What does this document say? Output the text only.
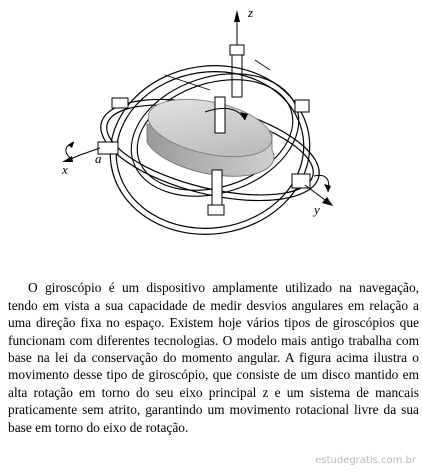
z
x
a
y

O giroscópio é um dispositivo amplamente utilizado na navegação, tendo em vista a sua capacidade de medir desvios angulares em relação a uma direção fixa no espaço. Existem hoje vários tipos de giroscópios que funcionam com diferentes tecnologias. O modelo mais antigo trabalha com base na lei da conservação do momento angular. A figura acima ilustra o movimento desse tipo de giroscópio, que consiste de um disco mantido em alta rotação em torno do seu eixo principal z e um sistema de mancais praticamente sem atrito, garantindo um movimento rotacional livre da sua base em torno do eixo de rotação.

estudegratis.com.br
